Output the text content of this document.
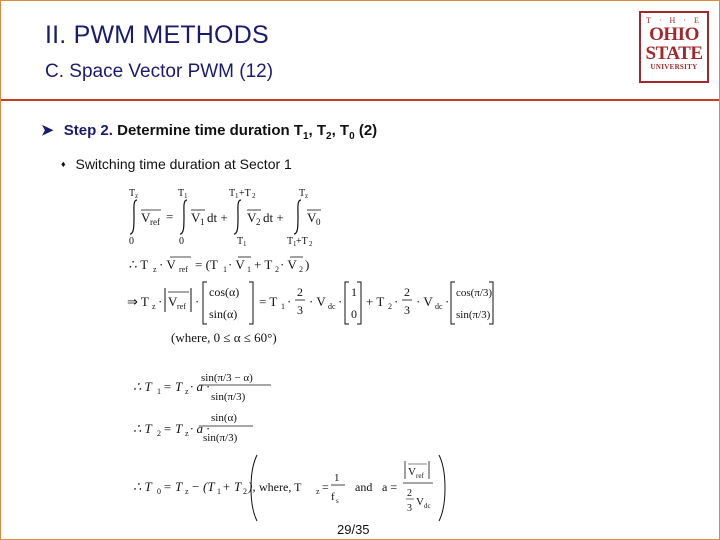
II. PWM METHODS
C. Space Vector PWM (12)
T · H · E
OHIO
STATE
UNIVERSITY
➤ Step 2. Determine time duration $T_1$, $T_2$, $T_0$ (2)
♦ Switching time duration at Sector 1
T z
0
V ref =
T 1
0
V 1 dt +
T 1 +T 2
T 1
V 2 dt +
T z
T 1 +T 2
V 0
∴ T z · V ref = (T 1 · V 1 + T 2 · V 2 )
⇒ T z · V ref ·
cos(α)
sin(α)
= T 1 ·
2
3
· V dc ·
1
0
+ T 2 ·
2
3
· V dc ·
cos(π/3)
sin(π/3)
(where, 0 ≤ α ≤ 60°)
∴ T 1 = T z · a ·
sin(π/3 − α)
sin(π/3)
∴ T 2 = T z · a ·
sin(α)
sin(π/3)
∴ T 0 = T z − (T 1 + T 2 ), where, T z =
1
f s
and a =
V ref
2
3
V dc
29/35
